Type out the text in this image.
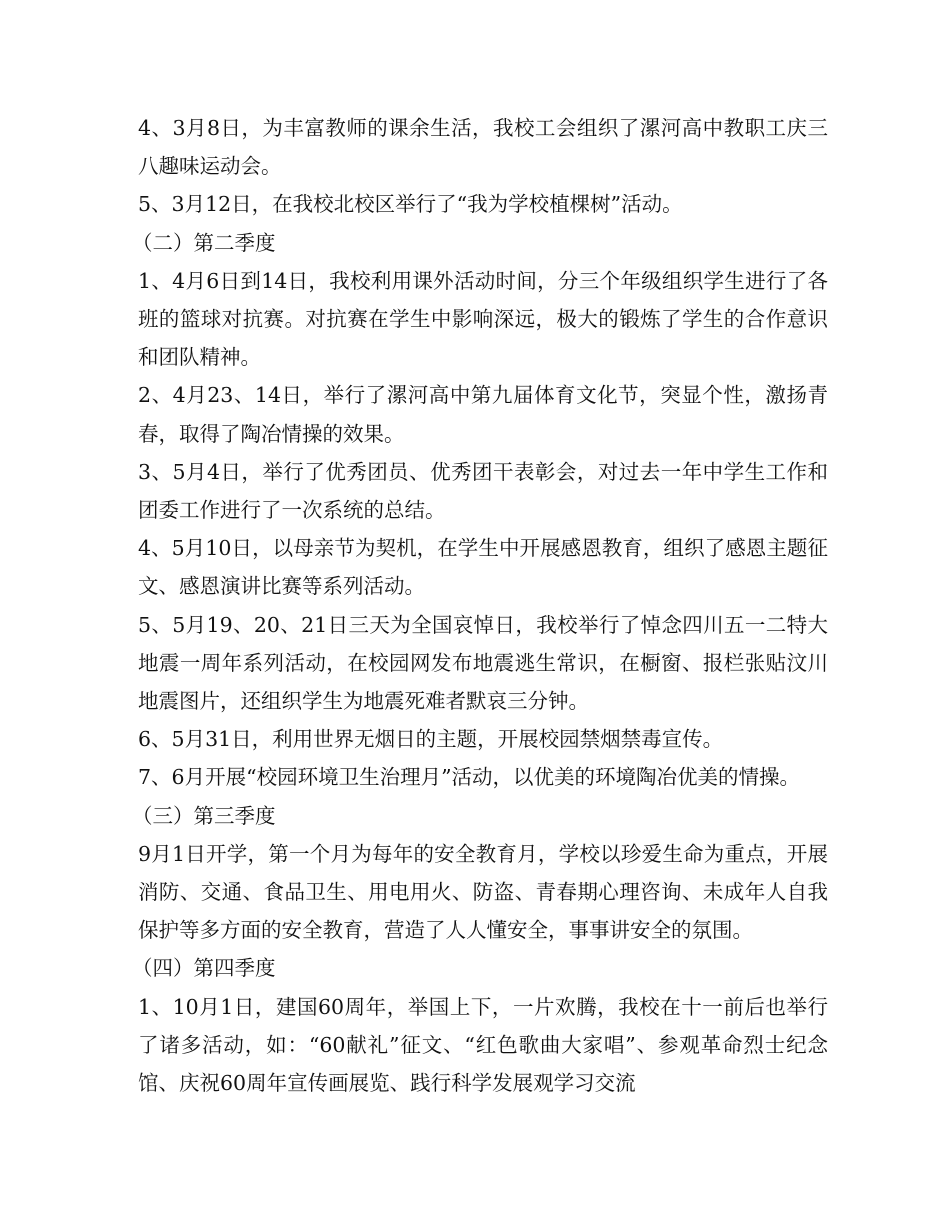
4、3月8日，为丰富教师的课余生活，我校工会组织了漯河高中教职工庆三八趣味运动会。

5、3月12日，在我校北校区举行了“我为学校植棵树”活动。

（二）第二季度

1、4月6日到14日，我校利用课外活动时间，分三个年级组织学生进行了各班的篮球对抗赛。对抗赛在学生中影响深远，极大的锻炼了学生的合作意识和团队精神。

2、4月23、14日，举行了漯河高中第九届体育文化节，突显个性，激扬青春，取得了陶冶情操的效果。

3、5月4日，举行了优秀团员、优秀团干表彰会，对过去一年中学生工作和团委工作进行了一次系统的总结。

4、5月10日，以母亲节为契机，在学生中开展感恩教育，组织了感恩主题征文、感恩演讲比赛等系列活动。

5、5月19、20、21日三天为全国哀悼日，我校举行了悼念四川五一二特大地震一周年系列活动，在校园网发布地震逃生常识，在橱窗、报栏张贴汶川地震图片，还组织学生为地震死难者默哀三分钟。

6、5月31日，利用世界无烟日的主题，开展校园禁烟禁毒宣传。

7、6月开展“校园环境卫生治理月”活动，以优美的环境陶冶优美的情操。

（三）第三季度

9月1日开学，第一个月为每年的安全教育月，学校以珍爱生命为重点，开展消防、交通、食品卫生、用电用火、防盗、青春期心理咨询、未成年人自我保护等多方面的安全教育，营造了人人懂安全，事事讲安全的氛围。

（四）第四季度

1、10月1日，建国60周年，举国上下，一片欢腾，我校在十一前后也举行了诸多活动，如：“60献礼”征文、“红色歌曲大家唱”、参观革命烈士纪念馆、庆祝60周年宣传画展览、践行科学发展观学习交流
